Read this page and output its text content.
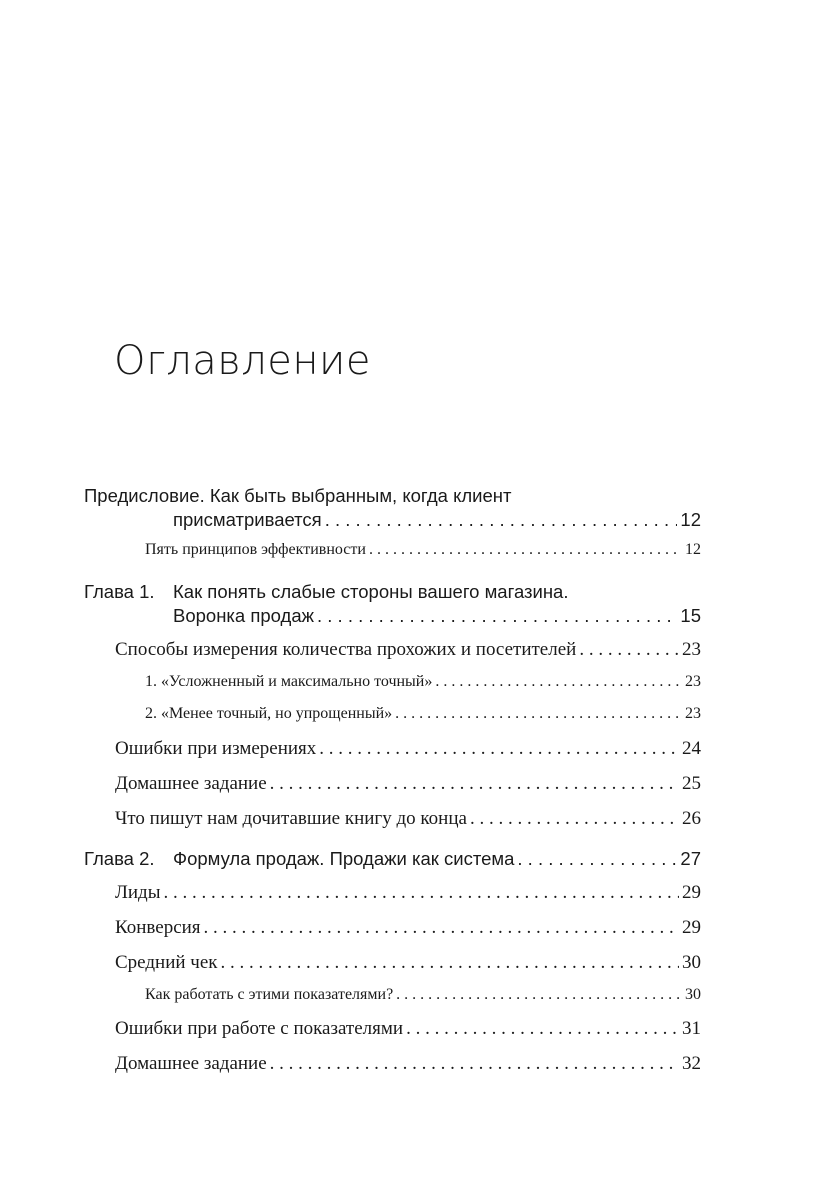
Оглавление
Предисловие. Как быть выбранным, когда клиент
присматривается . . .	12
Пять принципов эффективности . . .	12
Глава 1. Как понять слабые стороны вашего магазина.
Воронка продаж . . .	15
Способы измерения количества прохожих и посетителей . . .	23
1. «Усложненный и максимально точный» . . .	23
2. «Менее точный, но упрощенный» . . .	23
Ошибки при измерениях . . .	24
Домашнее задание . . .	25
Что пишут нам дочитавшие книгу до конца . . .	26
Глава 2. Формула продаж. Продажи как система . . .	27
Лиды . . .	29
Конверсия . . .	29
Средний чек . . .	30
Как работать с этими показателями? . . .	30
Ошибки при работе с показателями . . .	31
Домашнее задание . . .	32
